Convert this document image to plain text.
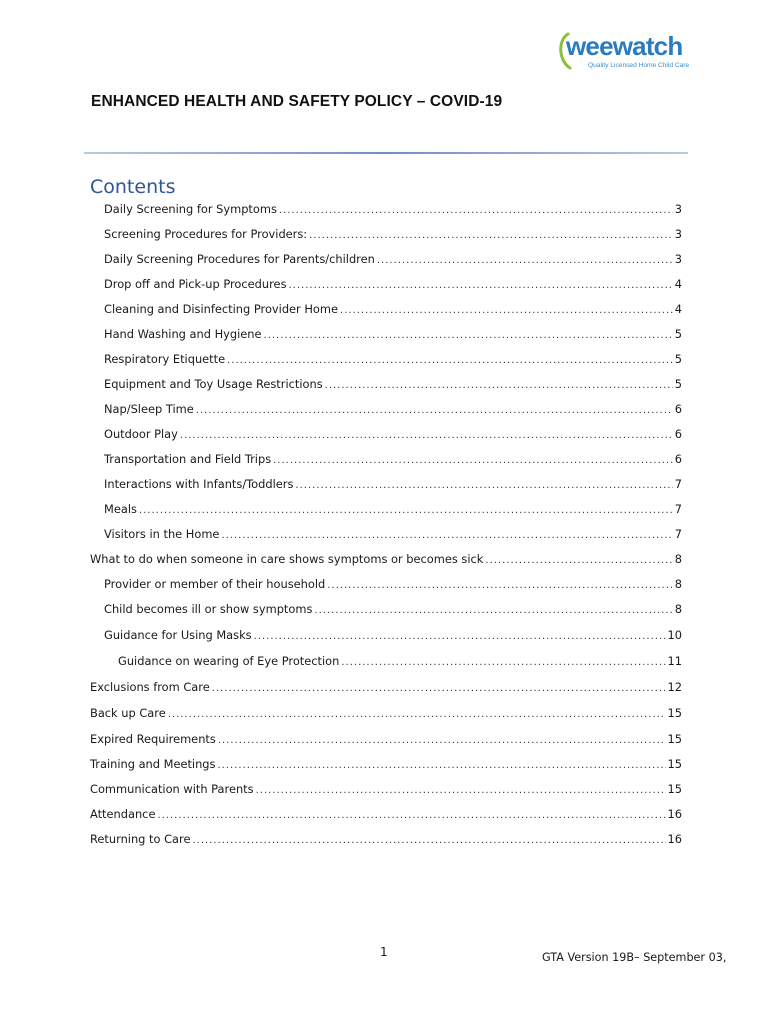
weewatch
Quality Licensed Home Child Care
ENHANCED HEALTH AND SAFETY POLICY – COVID-19
Contents
Daily Screening for Symptoms .....	3
Screening Procedures for Providers: .....	3
Daily Screening Procedures for Parents/children .....	3
Drop off and Pick-up Procedures .....	4
Cleaning and Disinfecting Provider Home .....	4
Hand Washing and Hygiene .....	5
Respiratory Etiquette .....	5
Equipment and Toy Usage Restrictions .....	5
Nap/Sleep Time .....	6
Outdoor Play .....	6
Transportation and Field Trips .....	6
Interactions with Infants/Toddlers .....	7
Meals .....	7
Visitors in the Home .....	7
What to do when someone in care shows symptoms or becomes sick .....	8
Provider or member of their household .....	8
Child becomes ill or show symptoms .....	8
Guidance for Using Masks .....	10
Guidance on wearing of Eye Protection .....	11
Exclusions from Care .....	12
Back up Care .....	15
Expired Requirements .....	15
Training and Meetings .....	15
Communication with Parents .....	15
Attendance .....	16
Returning to Care .....	16
1	GTA Version 19B– September 03,
